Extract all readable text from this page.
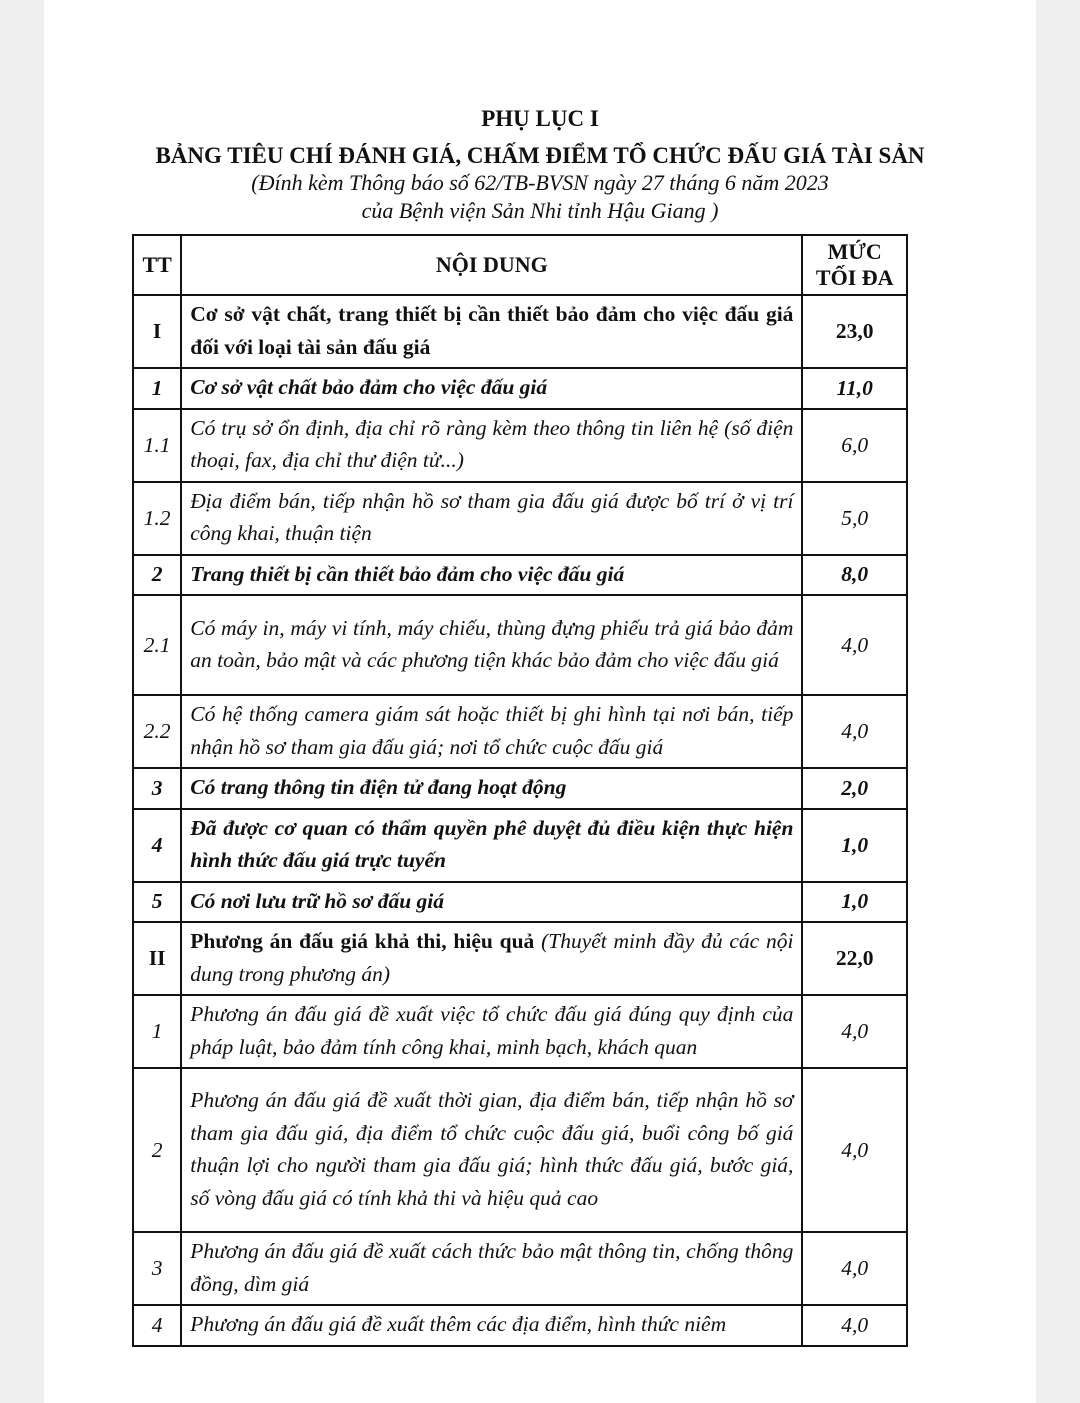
PHỤ LỤC I
BẢNG TIÊU CHÍ ĐÁNH GIÁ, CHẤM ĐIỂM TỔ CHỨC ĐẤU GIÁ TÀI SẢN
(Đính kèm Thông báo số 62/TB-BVSN ngày 27 tháng 6 năm 2023
của Bệnh viện Sản Nhi tỉnh Hậu Giang )
TT	NỘI DUNG	MỨC
TỐI ĐA

I	Cơ sở vật chất, trang thiết bị cần thiết bảo đảm cho việc đấu giá đối với loại tài sản đấu giá	23,0
1	Cơ sở vật chất bảo đảm cho việc đấu giá	11,0
1.1	Có trụ sở ổn định, địa chỉ rõ ràng kèm theo thông tin liên hệ (số điện thoại, fax, địa chỉ thư điện tử...)	6,0
1.2	Địa điểm bán, tiếp nhận hồ sơ tham gia đấu giá được bố trí ở vị trí công khai, thuận tiện	5,0
2	Trang thiết bị cần thiết bảo đảm cho việc đấu giá	8,0
2.1	Có máy in, máy vi tính, máy chiếu, thùng đựng phiếu trả giá bảo đảm an toàn, bảo mật và các phương tiện khác bảo đảm cho việc đấu giá	4,0
2.2	Có hệ thống camera giám sát hoặc thiết bị ghi hình tại nơi bán, tiếp nhận hồ sơ tham gia đấu giá; nơi tổ chức cuộc đấu giá	4,0
3	Có trang thông tin điện tử đang hoạt động	2,0
4	Đã được cơ quan có thẩm quyền phê duyệt đủ điều kiện thực hiện hình thức đấu giá trực tuyến	1,0
5	Có nơi lưu trữ hồ sơ đấu giá	1,0
II	Phương án đấu giá khả thi, hiệu quả (Thuyết minh đầy đủ các nội dung trong phương án)	22,0
1	Phương án đấu giá đề xuất việc tổ chức đấu giá đúng quy định của pháp luật, bảo đảm tính công khai, minh bạch, khách quan	4,0
2	Phương án đấu giá đề xuất thời gian, địa điểm bán, tiếp nhận hồ sơ tham gia đấu giá, địa điểm tổ chức cuộc đấu giá, buổi công bố giá thuận lợi cho người tham gia đấu giá; hình thức đấu giá, bước giá, số vòng đấu giá có tính khả thi và hiệu quả cao	4,0
3	Phương án đấu giá đề xuất cách thức bảo mật thông tin, chống thông đồng, dìm giá	4,0
4	Phương án đấu giá đề xuất thêm các địa điểm, hình thức niêm	4,0
